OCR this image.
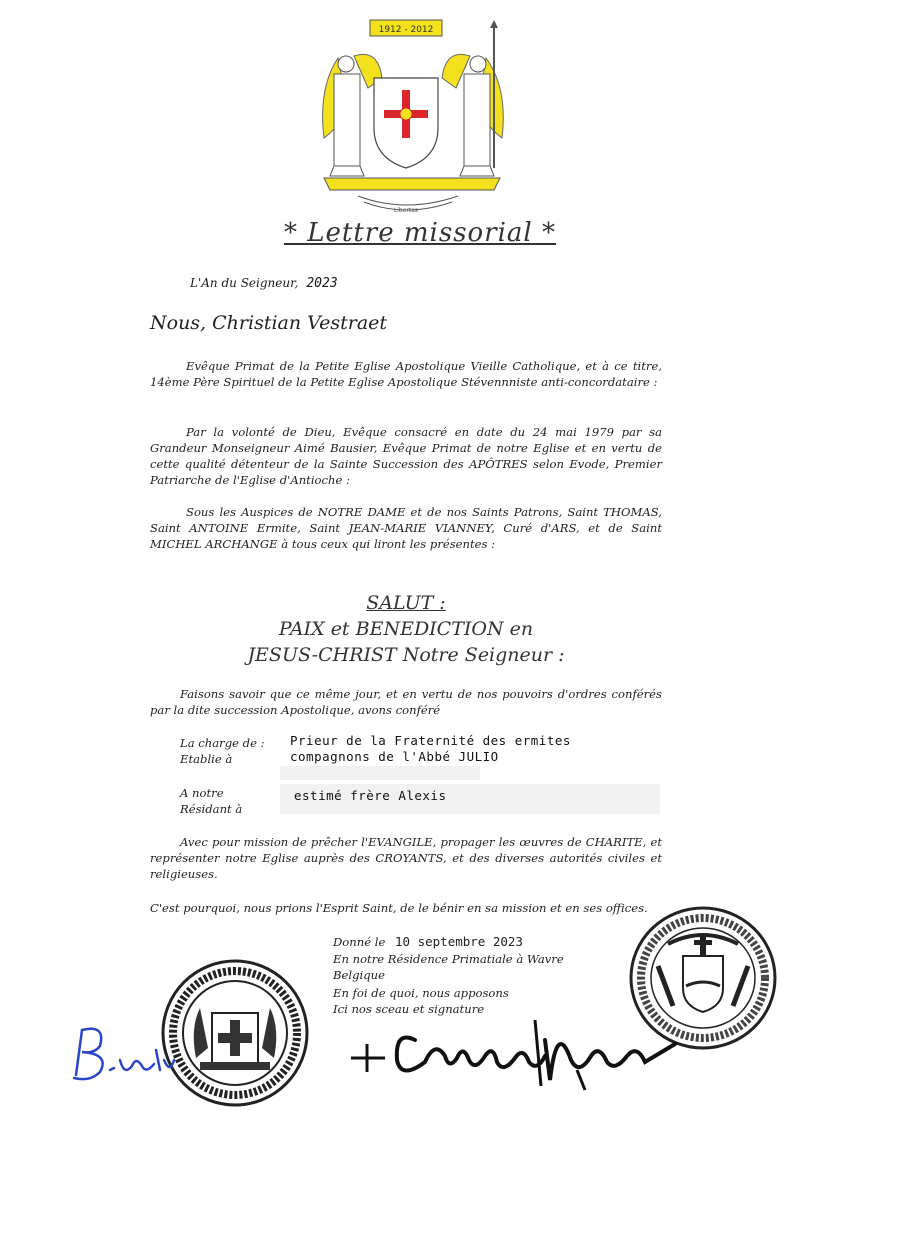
1912 - 2012
Libertas
* Lettre missorial *
L'An du Seigneur, 2023
Nous, Christian Vestraet
Evêque Primat de la Petite Eglise Apostolique Vieille Catholique, et à ce titre, 14ème Père Spirituel de la Petite Eglise Apostolique Stévennniste anti-concordataire :
Par la volonté de Dieu, Evêque consacré en date du 24 mai 1979 par sa Grandeur Monseigneur Aimé Bausier, Evêque Primat de notre Eglise et en vertu de cette qualité détenteur de la Sainte Succession des APÔTRES selon Evode, Premier Patriarche de l'Eglise d'Antioche :
Sous les Auspices de NOTRE DAME et de nos Saints Patrons, Saint THOMAS, Saint ANTOINE Ermite, Saint JEAN-MARIE VIANNEY, Curé d'ARS, et de Saint MICHEL ARCHANGE à tous ceux qui liront les présentes :
SALUT :
PAIX et BENEDICTION en
JESUS-CHRIST Notre Seigneur :
Faisons savoir que ce même jour, et en vertu de nos pouvoirs d'ordres conférés par la dite succession Apostolique, avons conféré
La charge de :
Etablie à
Prieur de la Fraternité des ermites
compagnons de l'Abbé JULIO
A notre
Résidant à
estimé frère Alexis
Avec pour mission de prêcher l'EVANGILE, propager les œuvres de CHARITE, et représenter notre Eglise auprès des CROYANTS, et des diverses autorités civiles et religieuses.
C'est pourquoi, nous prions l'Esprit Saint, de le bénir en sa mission et en ses offices.
Donné le 10 septembre 2023
En notre Résidence Primatiale à Wavre
Belgique
En foi de quoi, nous apposons
Ici nos sceau et signature
